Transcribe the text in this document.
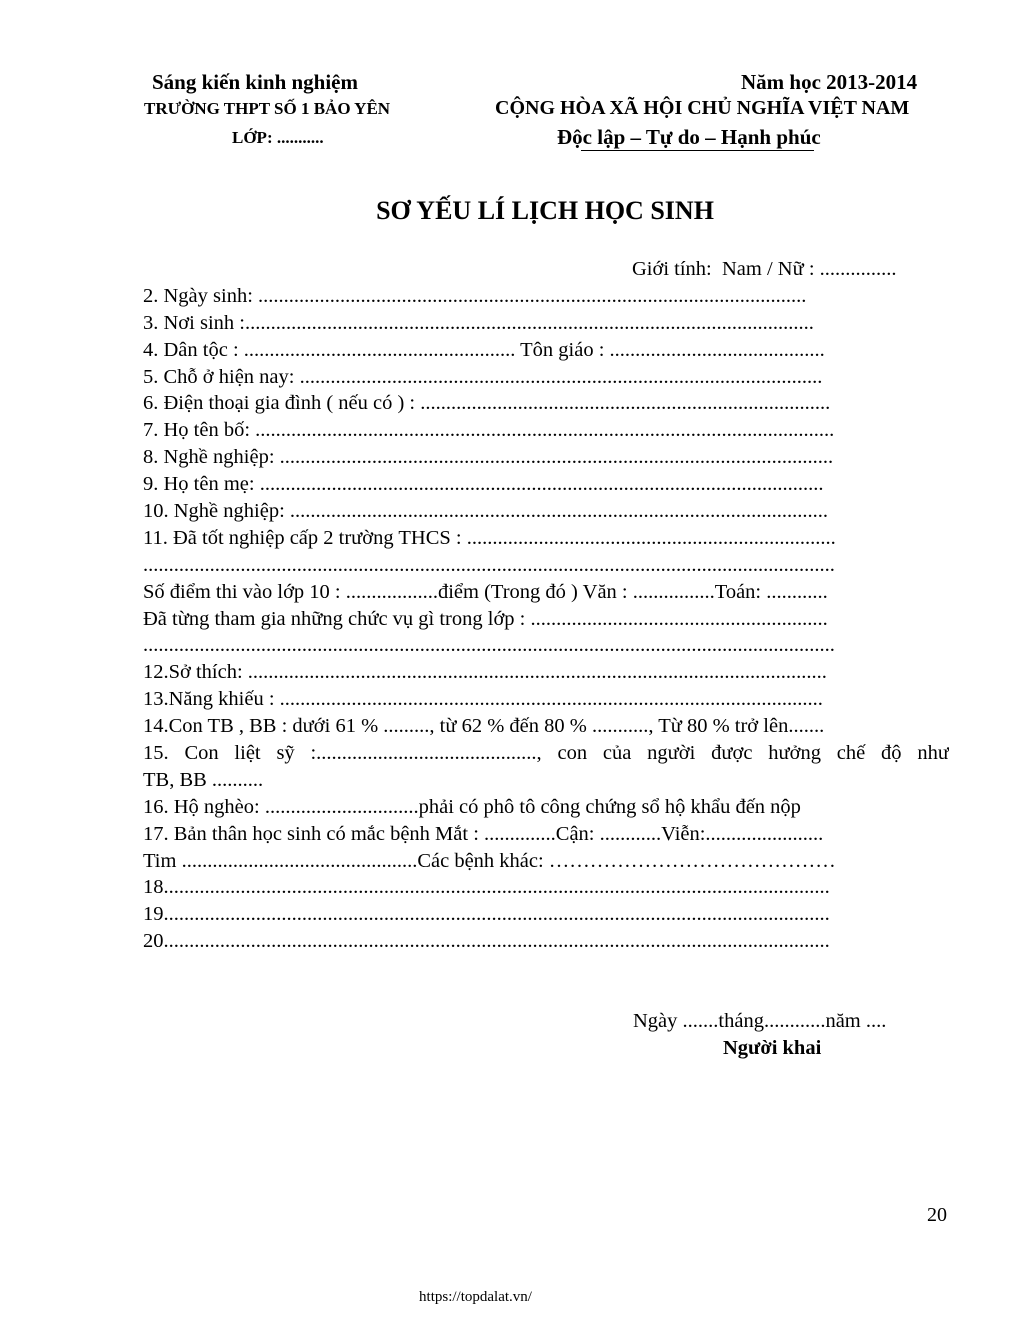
Sáng kiến kinh nghiệm	Năm học 2013-2014
TRƯỜNG THPT SỐ 1 BẢO YÊN	CỘNG HÒA XÃ HỘI CHỦ NGHĨA VIỆT NAM
LỚP: ...........	Độc lập – Tự do – Hạnh phúc
SƠ YẾU LÍ LỊCH HỌC SINH

Giới tính:  Nam / Nữ : ...............

2. Ngày sinh: ...........................................................................................................
3. Nơi sinh :...............................................................................................................
4. Dân tộc : ..................................................... Tôn giáo : ..........................................
5. Chỗ ở hiện nay: ......................................................................................................
6. Điện thoại gia đình ( nếu có ) : ................................................................................
7. Họ tên bố: .................................................................................................................
8. Nghề nghiệp: ............................................................................................................
9. Họ tên mẹ: ..............................................................................................................
10. Nghề nghiệp: .........................................................................................................
11. Đã tốt nghiệp cấp 2 trường THCS : ........................................................................
.......................................................................................................................................
Số điểm thi vào lớp 10 : ..................điểm (Trong đó ) Văn : ................Toán: ............
Đã từng tham gia những chức vụ gì trong lớp : ..........................................................
.......................................................................................................................................
12.Sở thích: .................................................................................................................
13.Năng khiếu : ..........................................................................................................
14.Con TB , BB : dưới 61 % ........., từ 62 % đến 80 % ..........., Từ 80 % trở lên.......
15. Con liệt sỹ :..........................................., con của người được hưởng chế độ như
TB, BB ..........
16. Hộ nghèo: ..............................phải có phô tô công chứng sổ hộ khẩu đến nộp
17. Bản thân học sinh có mắc bệnh Mắt : ..............Cận: ............Viễn:.......................
Tim ..............................................Các bệnh khác: ……………………………………
18..................................................................................................................................
19..................................................................................................................................
20..................................................................................................................................
Ngày .......tháng............năm ....
Người khai
20
https://topdalat.vn/
